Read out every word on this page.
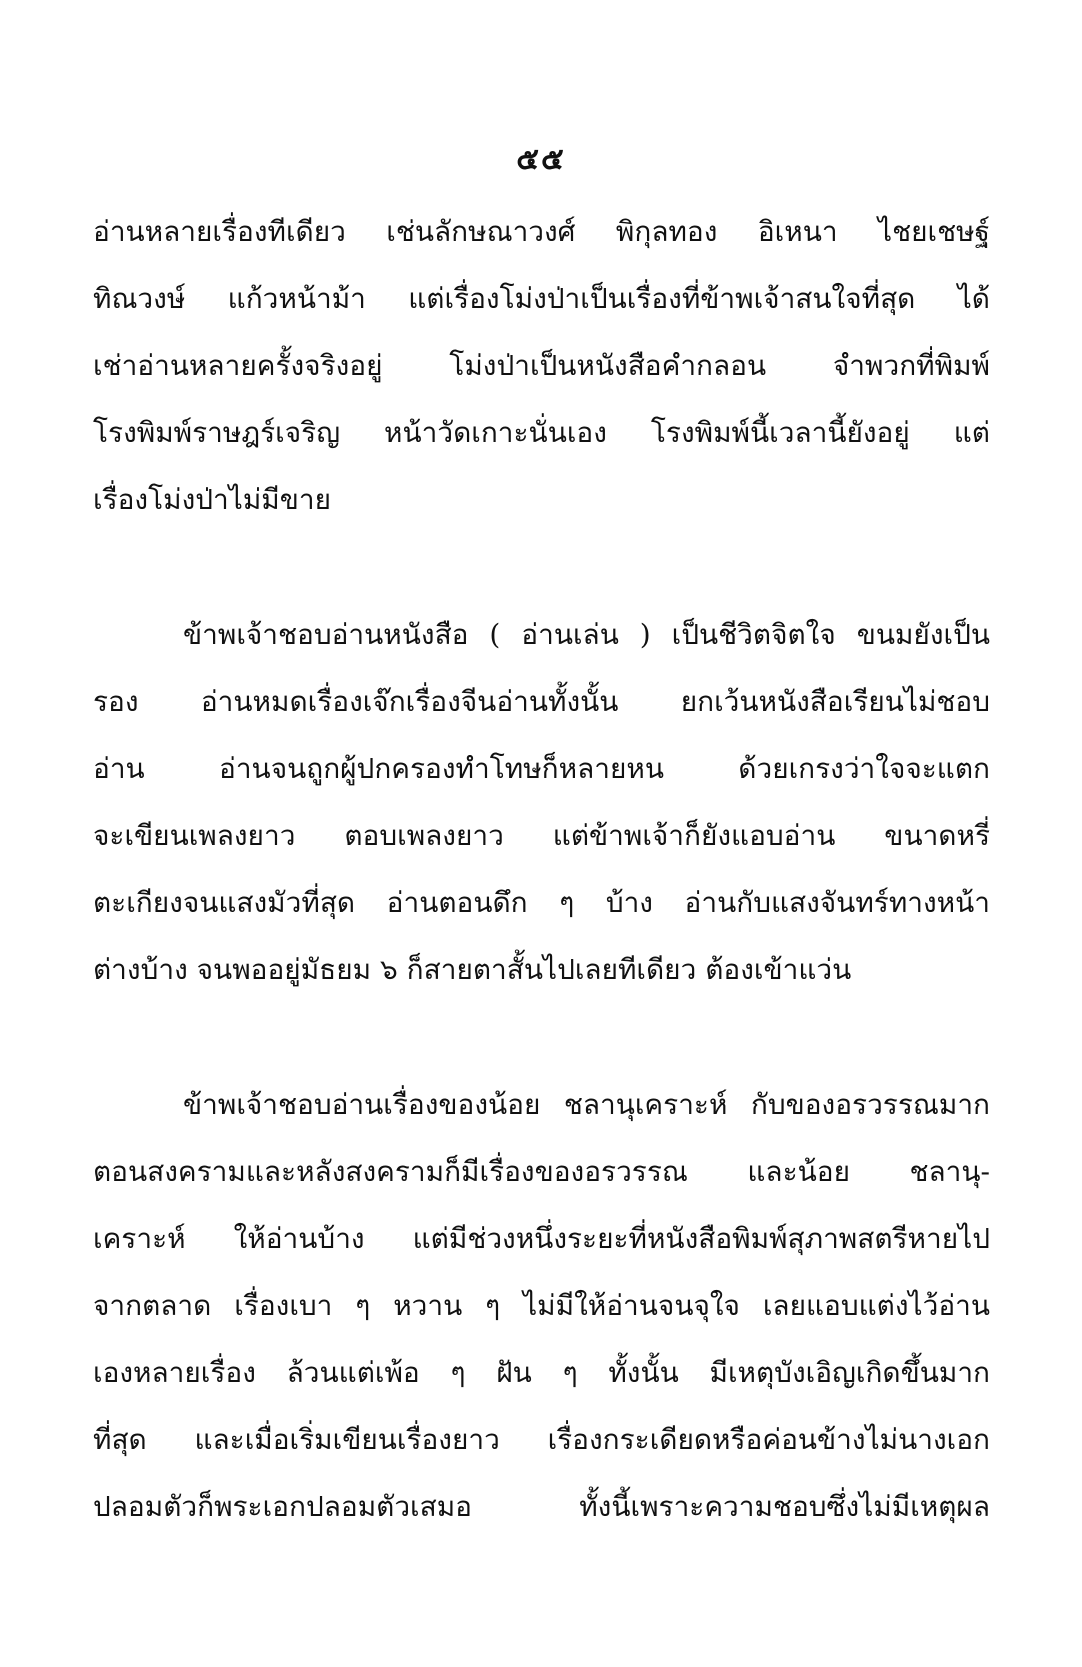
๕๕
อ่านหลายเรื่องทีเดียว เช่นลักษณาวงศ์ พิกุลทอง อิเหนา ไชยเชษฐ์
ทิณวงษ์ แก้วหน้าม้า แต่เรื่องโม่งป่าเป็นเรื่องที่ข้าพเจ้าสนใจที่สุด ได้
เช่าอ่านหลายครั้งจริงอยู่ โม่งป่าเป็นหนังสือคำกลอน จำพวกที่พิมพ์
โรงพิมพ์ราษฎร์เจริญ หน้าวัดเกาะนั่นเอง โรงพิมพ์นี้เวลานี้ยังอยู่ แต่
เรื่องโม่งป่าไม่มีขาย
ข้าพเจ้าชอบอ่านหนังสือ ( อ่านเล่น ) เป็นชีวิตจิตใจ ขนมยังเป็น
รอง อ่านหมดเรื่องเจ๊กเรื่องจีนอ่านทั้งนั้น ยกเว้นหนังสือเรียนไม่ชอบ
อ่าน อ่านจนถูกผู้ปกครองทำโทษก็หลายหน ด้วยเกรงว่าใจจะแตก
จะเขียนเพลงยาว ตอบเพลงยาว แต่ข้าพเจ้าก็ยังแอบอ่าน ขนาดหรี่
ตะเกียงจนแสงมัวที่สุด อ่านตอนดึก ๆ บ้าง อ่านกับแสงจันทร์ทางหน้า
ต่างบ้าง จนพออยู่มัธยม ๖ ก็สายตาสั้นไปเลยทีเดียว ต้องเข้าแว่น
ข้าพเจ้าชอบอ่านเรื่องของน้อย ชลานุเคราะห์ กับของอรวรรณมาก
ตอนสงครามและหลังสงครามก็มีเรื่องของอรวรรณ และน้อย ชลานุ-
เคราะห์ ให้อ่านบ้าง แต่มีช่วงหนึ่งระยะที่หนังสือพิมพ์สุภาพสตรีหายไป
จากตลาด เรื่องเบา ๆ หวาน ๆ ไม่มีให้อ่านจนจุใจ เลยแอบแต่งไว้อ่าน
เองหลายเรื่อง ล้วนแต่เพ้อ ๆ ฝัน ๆ ทั้งนั้น มีเหตุบังเอิญเกิดขึ้นมาก
ที่สุด และเมื่อเริ่มเขียนเรื่องยาว เรื่องกระเดียดหรือค่อนข้างไม่นางเอก
ปลอมตัวก็พระเอกปลอมตัวเสมอ ทั้งนี้เพราะความชอบซึ่งไม่มีเหตุผล
